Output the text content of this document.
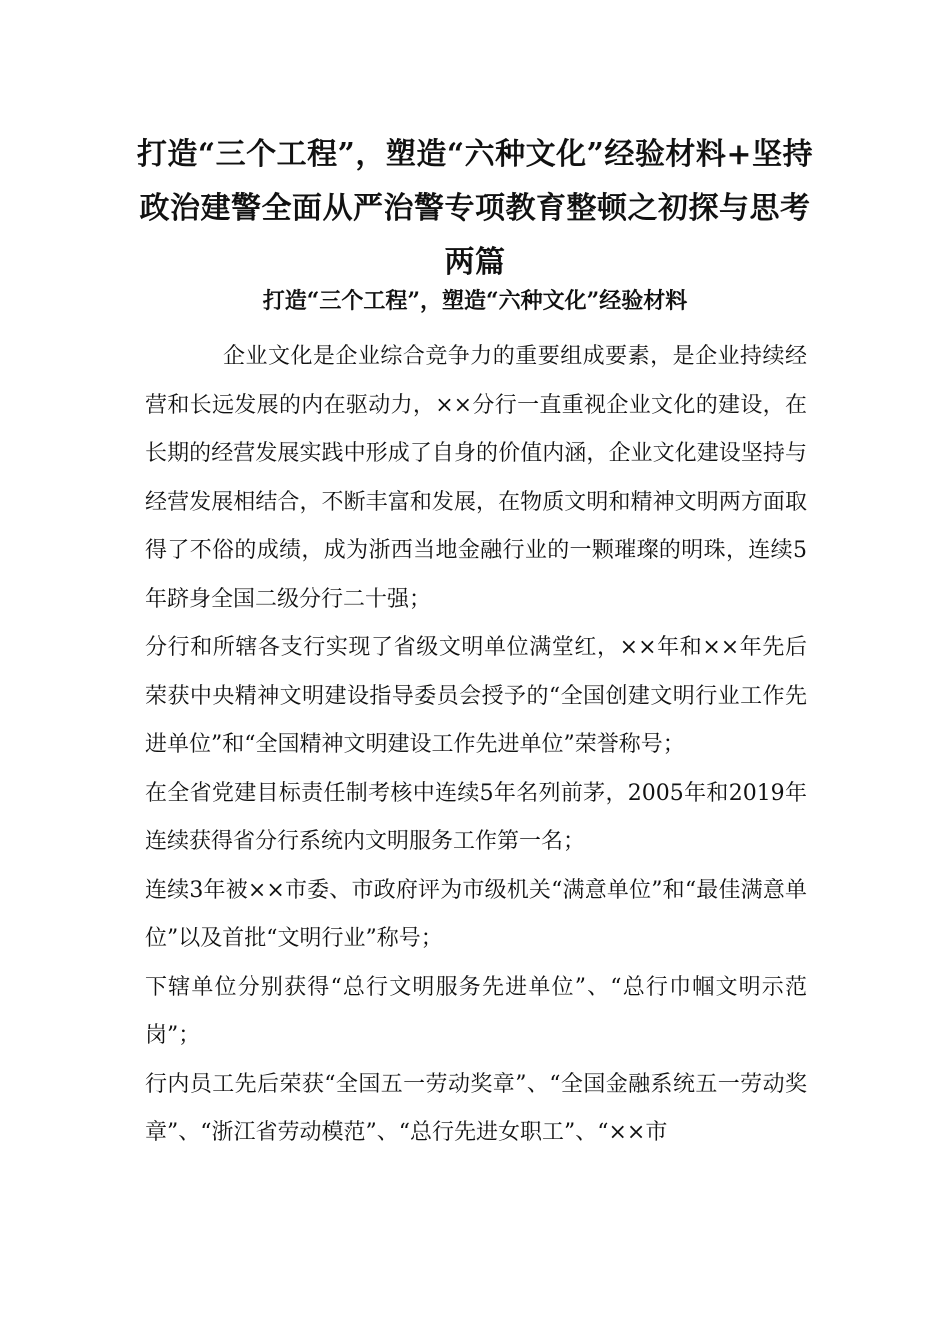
打造“三个工程”，塑造“六种文化”经验材料+坚持政治建警全面从严治警专项教育整顿之初探与思考两篇
打造“三个工程”，塑造“六种文化”经验材料

企业文化是企业综合竞争力的重要组成要素，是企业持续经营和长远发展的内在驱动力，××分行一直重视企业文化的建设，在长期的经营发展实践中形成了自身的价值内涵，企业文化建设坚持与经营发展相结合，不断丰富和发展，在物质文明和精神文明两方面取得了不俗的成绩，成为浙西当地金融行业的一颗璀璨的明珠，连续5年跻身全国二级分行二十强；

分行和所辖各支行实现了省级文明单位满堂红，××年和××年先后荣获中央精神文明建设指导委员会授予的“全国创建文明行业工作先进单位”和“全国精神文明建设工作先进单位”荣誉称号；

在全省党建目标责任制考核中连续5年名列前茅，2005年和2019年连续获得省分行系统内文明服务工作第一名；

连续3年被××市委、市政府评为市级机关“满意单位”和“最佳满意单位”以及首批“文明行业”称号；

下辖单位分别获得“总行文明服务先进单位”、“总行巾帼文明示范岗”；

行内员工先后荣获“全国五一劳动奖章”、“全国金融系统五一劳动奖章”、“浙江省劳动模范”、“总行先进女职工”、“××市
